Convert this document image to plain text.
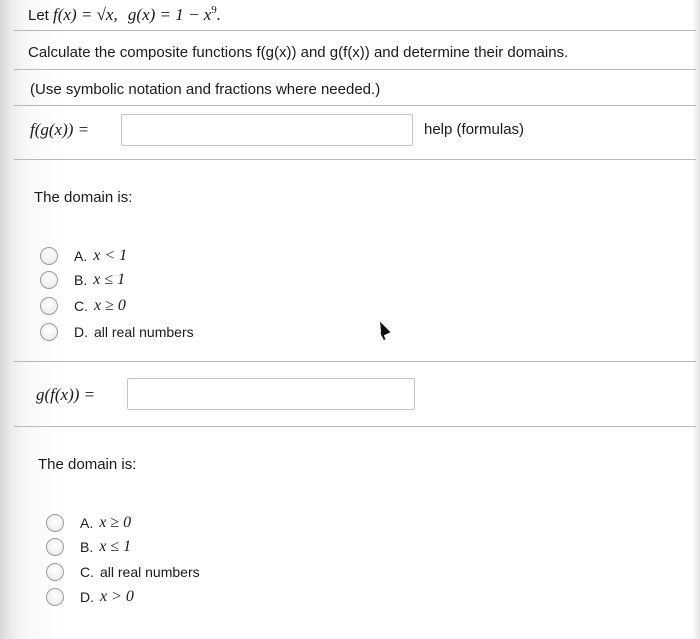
Let f(x) = √x, $g(x) = 1 - x^9$.
Calculate the composite functions f(g(x)) and g(f(x)) and determine their domains.
(Use symbolic notation and fractions where needed.)
f(g(x)) =	help (formulas)
The domain is:
A. x < 1
B. x ≤ 1
C. x ≥ 0
D. all real numbers
g(f(x)) =
The domain is:
A. x ≥ 0
B. x ≤ 1
C. all real numbers
D. x > 0
